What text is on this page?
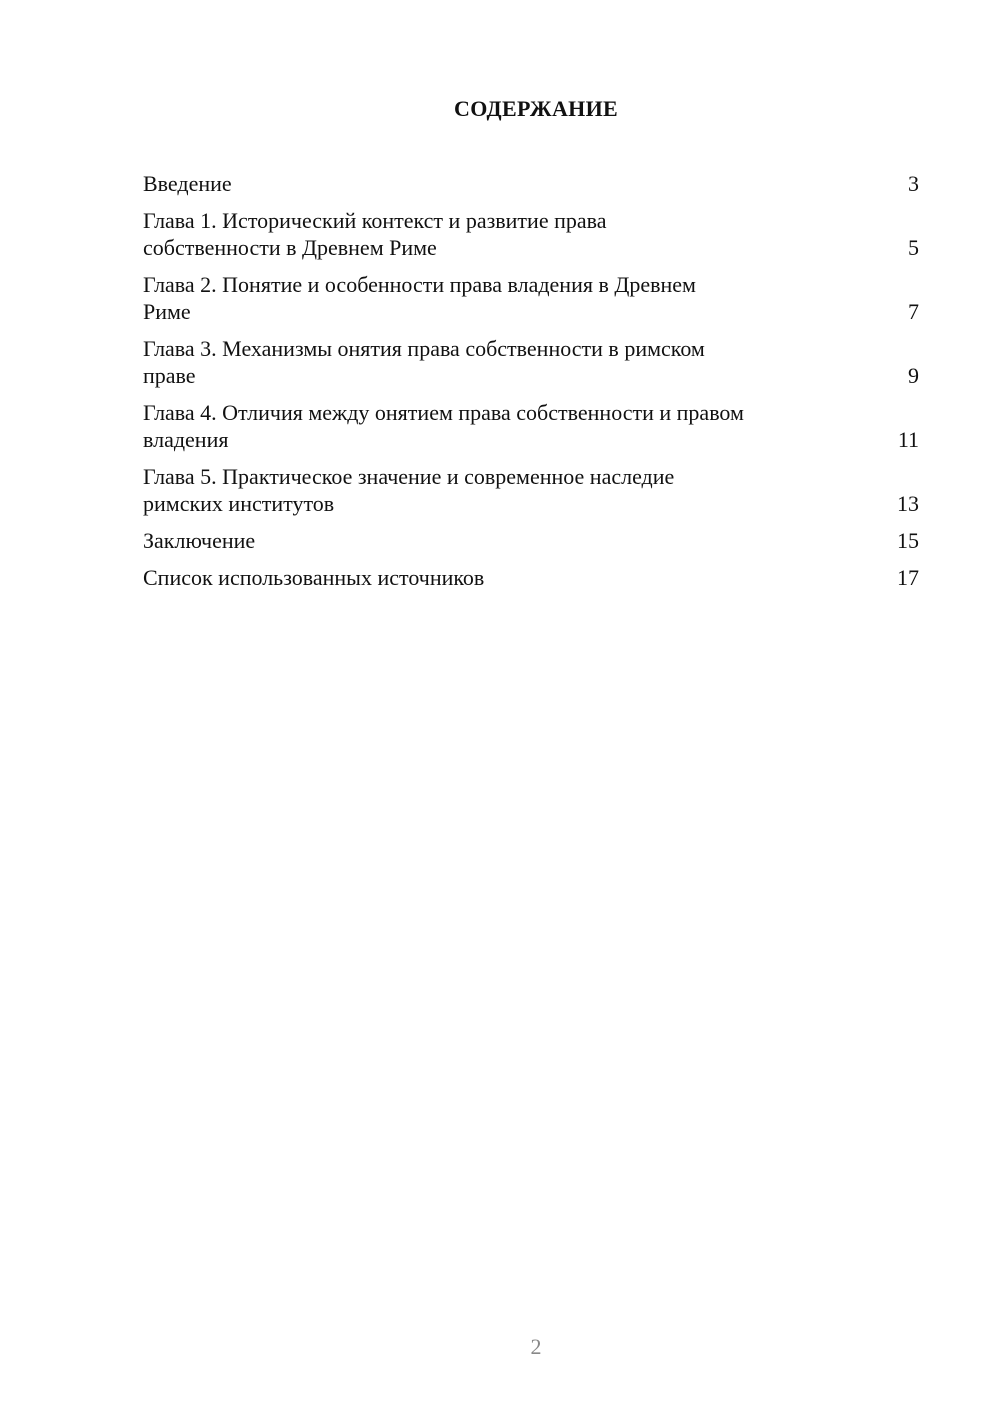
СОДЕРЖАНИЕ
Введение	3
Глава 1. Исторический контекст и развитие права
собственности в Древнем Риме	5
Глава 2. Понятие и особенности права владения в Древнем
Риме	7
Глава 3. Механизмы онятия права собственности в римском
праве	9
Глава 4. Отличия между онятием права собственности и правом
владения	11
Глава 5. Практическое значение и современное наследие
римских институтов	13
Заключение	15
Список использованных источников	17
2
